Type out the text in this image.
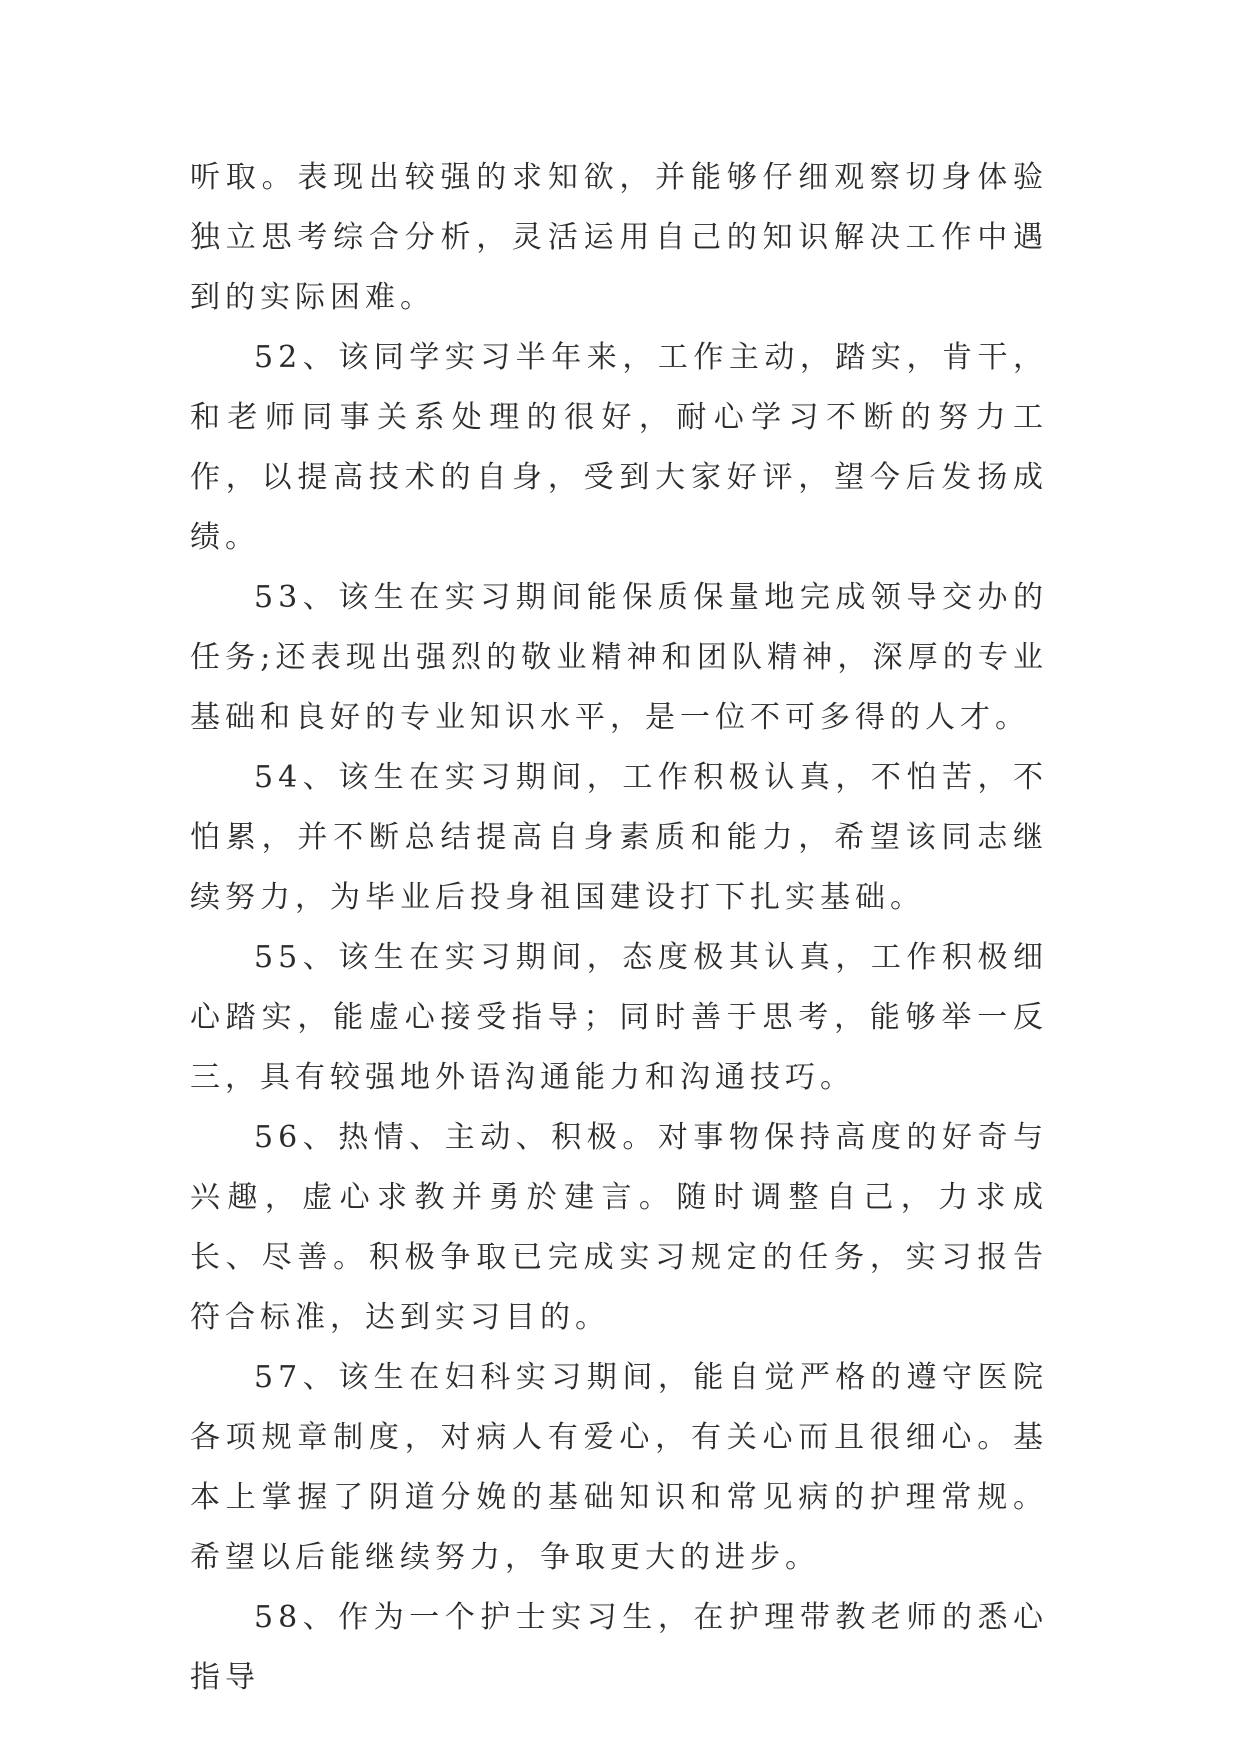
听取。表现出较强的求知欲，并能够仔细观察切身体验独立思考综合分析，灵活运用自己的知识解决工作中遇到的实际困难。

52、该同学实习半年来，工作主动，踏实，肯干，和老师同事关系处理的很好，耐心学习不断的努力工作，以提高技术的自身，受到大家好评，望今后发扬成绩。

53、该生在实习期间能保质保量地完成领导交办的任务;还表现出强烈的敬业精神和团队精神，深厚的专业基础和良好的专业知识水平，是一位不可多得的人才。

54、该生在实习期间，工作积极认真，不怕苦，不怕累，并不断总结提高自身素质和能力，希望该同志继续努力，为毕业后投身祖国建设打下扎实基础。

55、该生在实习期间，态度极其认真，工作积极细心踏实，能虚心接受指导；同时善于思考，能够举一反三，具有较强地外语沟通能力和沟通技巧。

56、热情、主动、积极。对事物保持高度的好奇与兴趣，虚心求教并勇於建言。随时调整自己，力求成长、尽善。积极争取已完成实习规定的任务，实习报告符合标准，达到实习目的。

57、该生在妇科实习期间，能自觉严格的遵守医院各项规章制度，对病人有爱心，有关心而且很细心。基本上掌握了阴道分娩的基础知识和常见病的护理常规。希望以后能继续努力，争取更大的进步。

58、作为一个护士实习生，在护理带教老师的悉心指导
